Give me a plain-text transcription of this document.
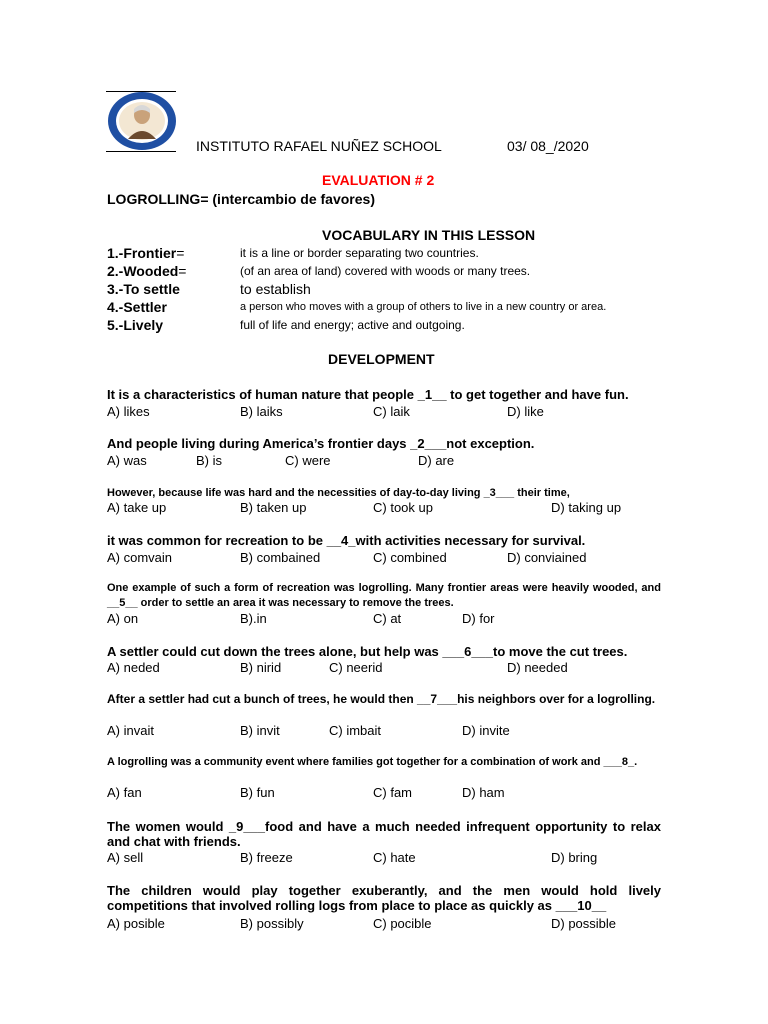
INSTITUTO RAFAEL NUÑEZ SCHOOL	03/ 08_/2020
EVALUATION # 2
LOGROLLING= (intercambio de favores)
VOCABULARY IN THIS LESSON
1.-Frontier=	it is a line or border separating two countries.
2.-Wooded=	(of an area of land) covered with woods or many trees.
3.-To settle	to establish
4.-Settler	a person who moves with a group of others to live in a new country or area.
5.-Lively	full of life and energy; active and outgoing.
DEVELOPMENT
It is a characteristics of human nature that people _1__ to get together and have fun.
A) likes	B) laiks	C) laik	D) like
And people living during America’s frontier days _2___not exception.
A) was	B) is	C) were	D) are
However, because life was hard and the necessities of day-to-day living _3___ their time,
A) take up	B) taken up	C) took up	D) taking up
it was common for recreation to be __4_with activities necessary for survival.
A) comvain	B) combained	C) combined	D) conviained
One example of such a form of recreation was logrolling. Many frontier areas were heavily wooded, and __5__ order to settle an area it was necessary to remove the trees.
A) on	B).in	C) at	D) for
A settler could cut down the trees alone, but help was ___6___to move the cut trees.
A) neded	B) nirid	C) neerid	D) needed
After a settler had cut a bunch of trees, he would then __7___his neighbors over for a logrolling.
A) invait	B) invit	C) imbait	D) invite
A logrolling was a community event where families got together for a combination of work and ___8_.
A) fan	B) fun	C) fam	D) ham
The women would _9___food and have a much needed infrequent opportunity to relax and chat with friends.
A) sell	B) freeze	C) hate	D) bring
The children would play together exuberantly, and the men would hold lively competitions that involved rolling logs from place to place as quickly as ___10__
A) posible	B) possibly	C) pocible	D) possible
